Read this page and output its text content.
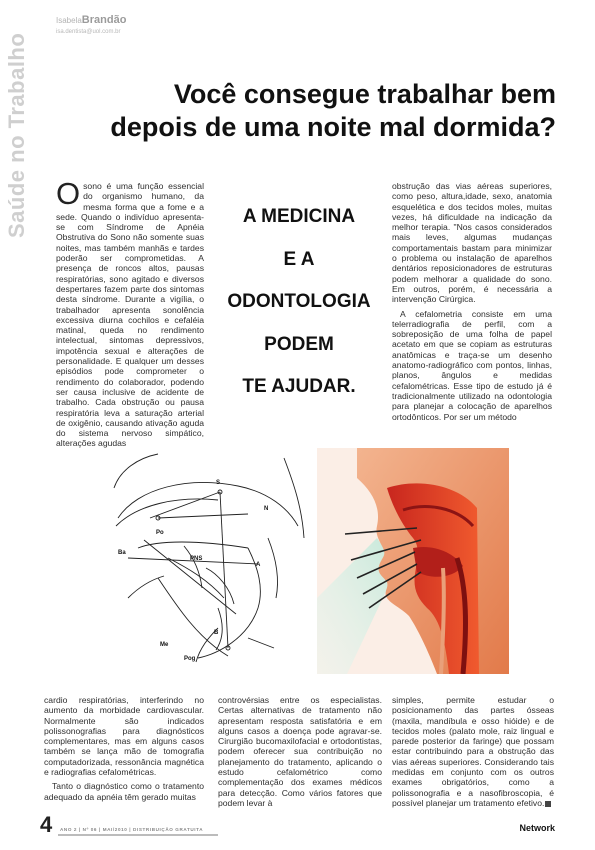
Saúde no Trabalho
IsabelaBrandão
isa.dentista@uol.com.br
Você consegue trabalhar bem
depois de uma noite mal dormida?

Osono é uma função essencial do organismo humano, da mesma forma que a fome e a sede. Quando o indivíduo apresenta-se com Síndrome de Apnéia Obstrutiva do Sono não somente suas noites, mas também manhãs e tardes poderão ser comprometidas. A presença de roncos altos, pausas respiratórias, sono agitado e diversos despertares fazem parte dos sintomas desta síndrome. Durante a vigília, o trabalhador apresenta sonolência excessiva diurna cochilos e cefaléia matinal, queda no rendimento intelectual, sintomas depressivos, impotência sexual e alterações de personalidade. E qualquer um desses episódios pode comprometer o rendimento do colaborador, podendo ser causa inclusive de acidente de trabalho. Cada obstrução ou pausa respiratória leva a saturação arterial de oxigênio, causando ativação aguda do sistema nervoso simpático, alterações agudas

A MEDICINA
E A
ODONTOLOGIA
PODEM
TE AJUDAR.

obstrução das vias aéreas superiores, como peso, altura,idade, sexo, anatomia esquelética e dos tecidos moles, muitas vezes, há dificuldade na indicação da melhor terapia. "Nos casos considerados mais leves, algumas mudanças comportamentais bastam para minimizar o problema ou instalação de aparelhos dentários reposicionadores de estruturas podem melhorar a qualidade do sono. Em outros, porém, é necessária a intervenção Cirúrgica.

A cefalometria consiste em uma telerradiografia de perfil, com a sobreposição de uma folha de papel acetato em que se copiam as estruturas anatômicas e traça-se um desenho anatomo-radiográfico com pontos, linhas, planos, ângulos e medidas cefalométricas. Esse tipo de estudo já é tradicionalmente utilizado na odontologia para planejar a colocação de aparelhos ortodônticos. Por ser um método

S
N
Po
PNS
Ba
A
B
Me
Pog

cardio respiratórias, interferindo no aumento da morbidade cardiovascular. Normalmente são indicados polissonografias para diagnósticos complementares, mas em alguns casos também se lança mão de tomografia computadorizada, ressonância magnética e radiografias cefalométricas.

Tanto o diagnóstico como o tratamento adequado da apnéia têm gerado muitas

controvérsias entre os especialistas. Certas alternativas de tratamento não apresentam resposta satisfatória e em alguns casos a doença pode agravar-se. Cirurgião bucomaxilofacial e ortodontistas, podem oferecer sua contribuição no planejamento do tratamento, aplicando o estudo cefalométrico como complementação dos exames médicos para detecção. Como vários fatores que podem levar à

simples, permite estudar o posicionamento das partes ósseas (maxila, mandíbula e osso hióide) e de tecidos moles (palato mole, raiz lingual e parede posterior da faringe) que possam estar contribuindo para a obstrução das vias aéreas superiores. Considerando tais medidas em conjunto com os outros exames obrigatórios, como a polissonografia e a nasofibroscopia, é possível planejar um tratamento efetivo.

4 ANO 2 | Nº 06 | MAI/2010 | DISTRIBUIÇÃO GRATUITA	Network
